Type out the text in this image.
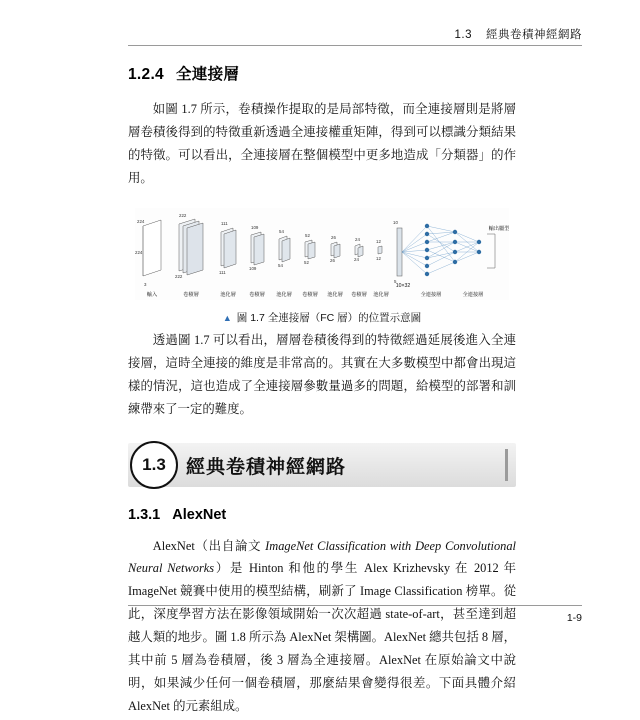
1.3 經典卷積神經網路
1.2.4 全連接層

如圖 1.7 所示，卷積操作提取的是局部特徵，而全連接層則是將層層卷積後得到的特徵重新透過全連接權重矩陣，得到可以標識分類結果的特徵。可以看出，全連接層在整個模型中更多地造成「分類器」的作用。

224
224
3
222
222
111
111
109
109
54
54
52
52
26
26
24
24
12
12
10
5
輸入	卷積層	池化層	卷積層 池化層 卷積層 池化層 卷積層 池化層	全連接層	全連接層
10×32
輸出屬型
▲ 圖 1.7 全連接層（FC 層）的位置示意圖

透過圖 1.7 可以看出，層層卷積後得到的特徵經過延展後進入全連接層，這時全連接的維度是非常高的。其實在大多數模型中都會出現這樣的情況，這也造成了全連接層參數量過多的問題，給模型的部署和訓練帶來了一定的難度。

1.3	經典卷積神經網路
1.3.1 AlexNet

AlexNet（出自論文 ImageNet Classification with Deep Convolutional Neural Networks）是 Hinton 和他的學生 Alex Krizhevsky 在 2012 年 ImageNet 競賽中使用的模型結構，刷新了 Image Classification 榜單。從此，深度學習方法在影像領域開始一次次超過 state-of-art，甚至達到超越人類的地步。圖 1.8 所示為 AlexNet 架構圖。AlexNet 總共包括 8 層，其中前 5 層為卷積層，後 3 層為全連接層。AlexNet 在原始論文中說明，如果減少任何一個卷積層，那麼結果會變得很差。下面具體介紹 AlexNet 的元素組成。

1-9
